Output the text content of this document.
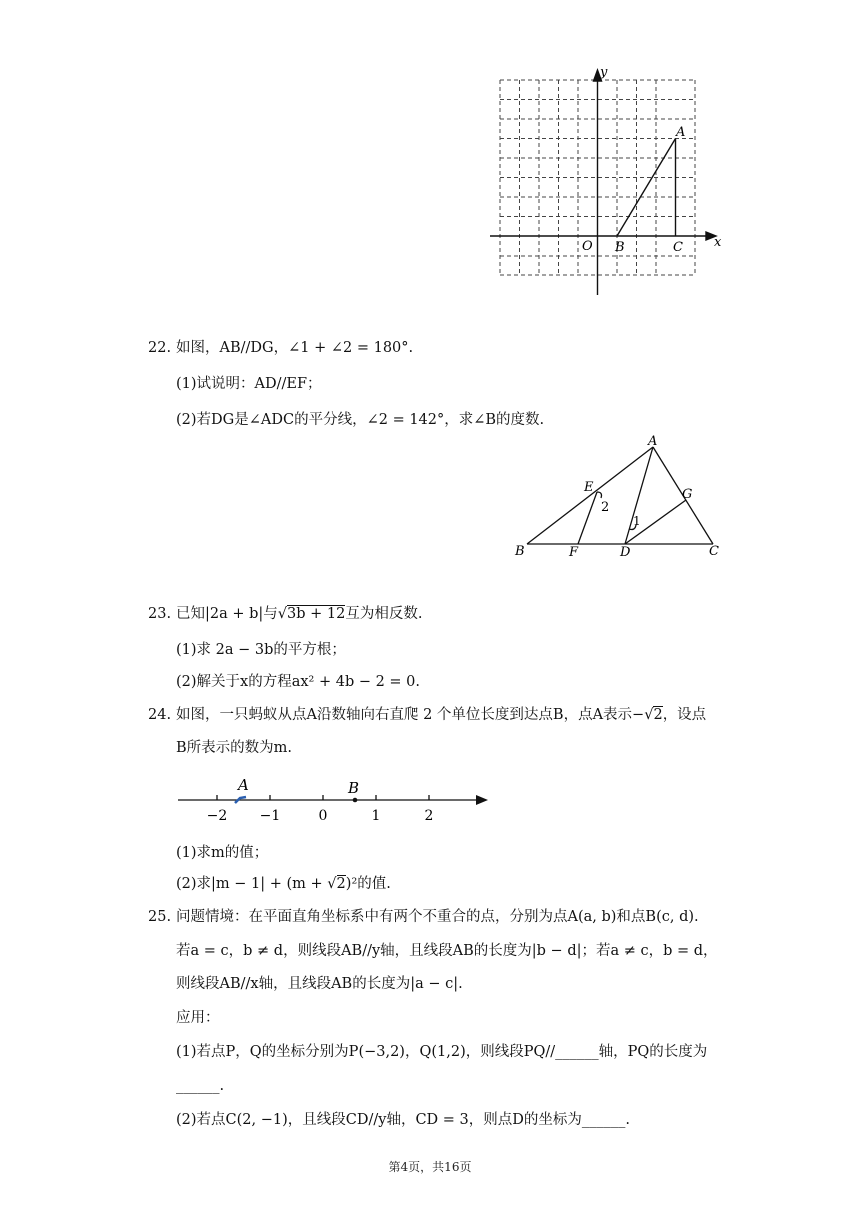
y
x
O B	C
A
22. 如图，AB//DG，∠1 + ∠2 = 180°.
(1)试说明：AD//EF；
(2)若DG是∠ADC的平分线，∠2 = 142°，求∠B的度数.
A
B	C
D
E
F
G
1
2
23. 已知|2a + b|与√3b + 12互为相反数.
(1)求 2a − 3b的平方根；
(2)解关于x的方程ax² + 4b − 2 = 0.
24. 如图，一只蚂蚁从点A沿数轴向右直爬 2 个单位长度到达点B，点A表示−√2，设点
B所表示的数为m.
A	B
−2 −1	0	1	2
(1)求m的值；
(2)求|m − 1| + (m + √2)²的值.
25. 问题情境：在平面直角坐标系中有两个不重合的点，分别为点A(a, b)和点B(c, d).
若a = c，b ≠ d，则线段AB//y轴，且线段AB的长度为|b − d|；若a ≠ c，b = d，
则线段AB//x轴，且线段AB的长度为|a − c|.
应用：
(1)若点P，Q的坐标分别为P(−3,2)，Q(1,2)，则线段PQ//______轴，PQ的长度为
______.
(2)若点C(2, −1)，且线段CD//y轴，CD = 3，则点D的坐标为______.
第4页，共16页
